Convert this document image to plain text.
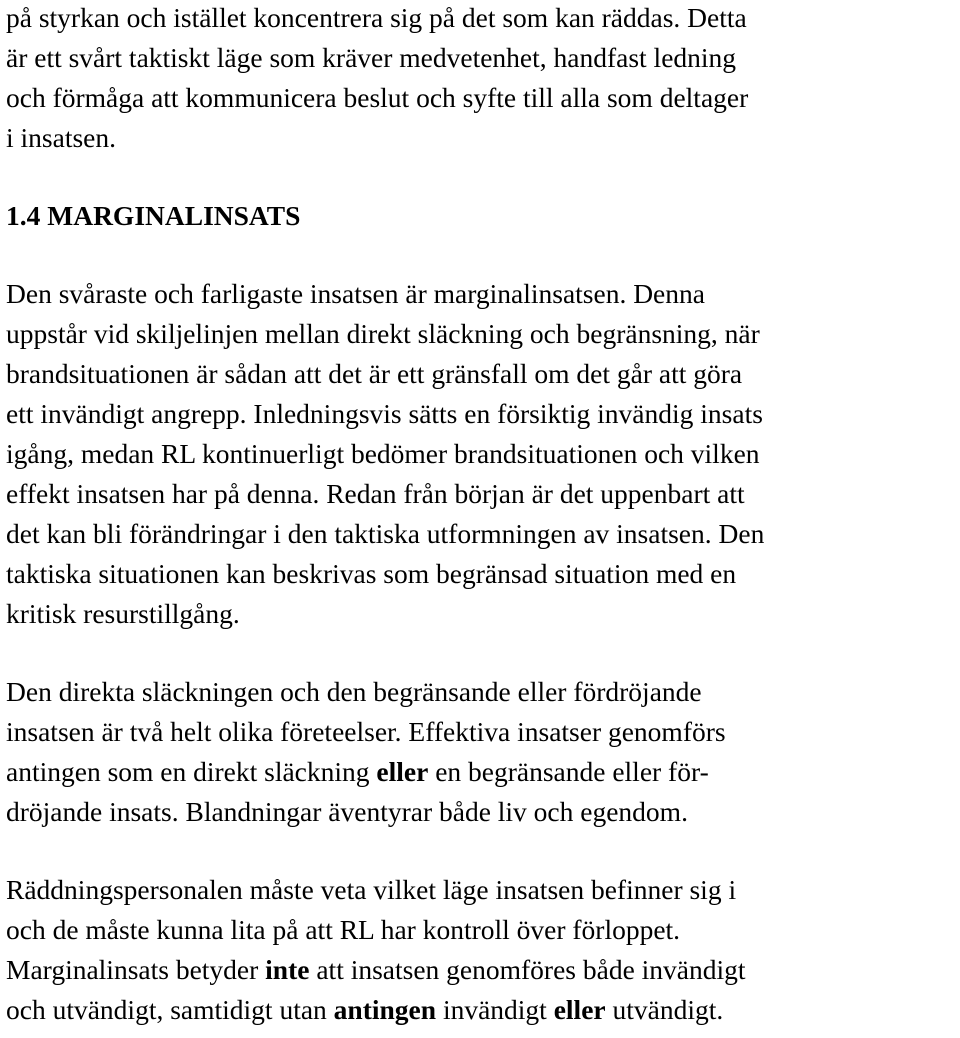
på styrkan och istället koncentrera sig på det som kan räddas. Detta
är ett svårt taktiskt läge som kräver medvetenhet, handfast ledning
och förmåga att kommunicera beslut och syfte till alla som deltager
i insatsen.
1.4 MARGINALINSATS
Den svåraste och farligaste insatsen är marginalinsatsen. Denna
uppstår vid skiljelinjen mellan direkt släckning och begränsning, när
brandsituationen är sådan att det är ett gränsfall om det går att göra
ett invändigt angrepp. Inledningsvis sätts en försiktig invändig insats
igång, medan RL kontinuerligt bedömer brandsituationen och vilken
effekt insatsen har på denna. Redan från början är det uppenbart att
det kan bli förändringar i den taktiska utformningen av insatsen. Den
taktiska situationen kan beskrivas som begränsad situation med en
kritisk resurstillgång.
Den direkta släckningen och den begränsande eller fördröjande
insatsen är två helt olika företeelser. Effektiva insatser genomförs
antingen som en direkt släckning eller en begränsande eller för-
dröjande insats. Blandningar äventyrar både liv och egendom.
Räddningspersonalen måste veta vilket läge insatsen befinner sig i
och de måste kunna lita på att RL har kontroll över förloppet.
Marginalinsats betyder inte att insatsen genomföres både invändigt
och utvändigt, samtidigt utan antingen invändigt eller utvändigt.
